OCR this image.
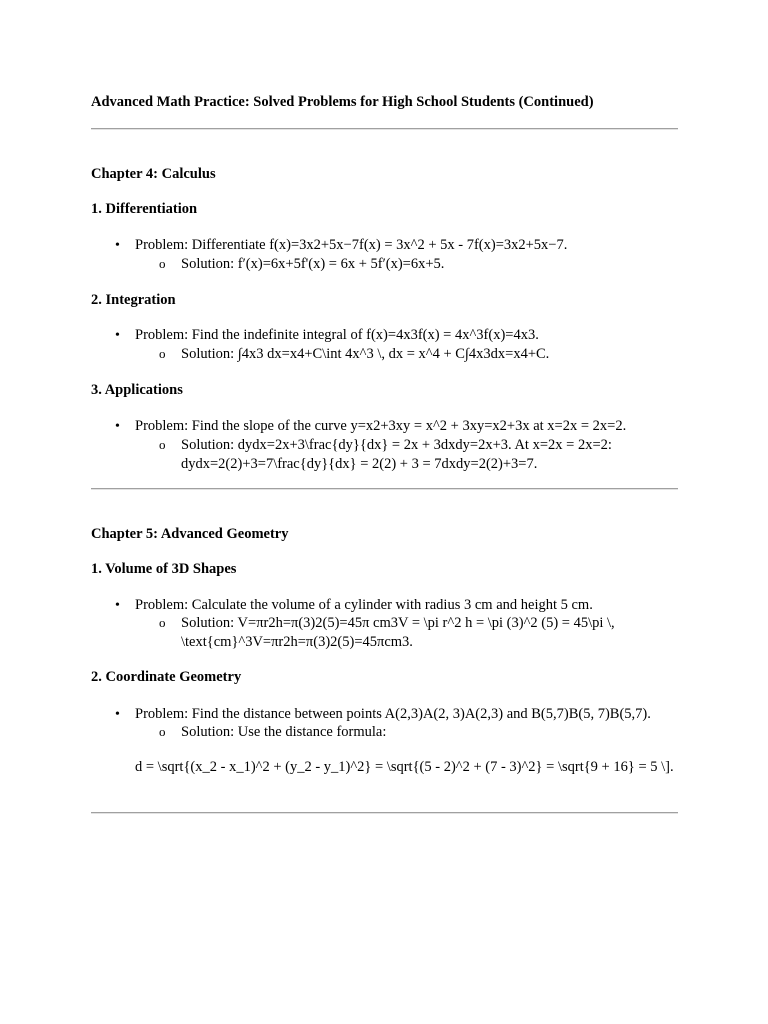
Advanced Math Practice: Solved Problems for High School Students (Continued)
Chapter 4: Calculus
1. Differentiation
• Problem: Differentiate f(x)=3x2+5x−7f(x) = 3x^2 + 5x - 7f(x)=3x2+5x−7.
o Solution: f′(x)=6x+5f'(x) = 6x + 5f′(x)=6x+5.
2. Integration
• Problem: Find the indefinite integral of f(x)=4x3f(x) = 4x^3f(x)=4x3.
o Solution: ∫4x3 dx=x4+C\int 4x^3 \, dx = x^4 + C∫4x3dx=x4+C.
3. Applications
• Problem: Find the slope of the curve y=x2+3xy = x^2 + 3xy=x2+3x at x=2x = 2x=2.
o Solution: dydx=2x+3\frac{dy}{dx} = 2x + 3dxdy=2x+3. At x=2x = 2x=2: dydx=2(2)+3=7\frac{dy}{dx} = 2(2) + 3 = 7dxdy=2(2)+3=7.
Chapter 5: Advanced Geometry
1. Volume of 3D Shapes
• Problem: Calculate the volume of a cylinder with radius 3 cm and height 5 cm.
o Solution: V=πr2h=π(3)2(5)=45π cm3V = \pi r^2 h = \pi (3)^2 (5) = 45\pi \, \text{cm}^3V=πr2h=π(3)2(5)=45πcm3.
2. Coordinate Geometry
• Problem: Find the distance between points A(2,3)A(2, 3)A(2,3) and B(5,7)B(5, 7)B(5,7).
o Solution: Use the distance formula:
d = \sqrt{(x_2 - x_1)^2 + (y_2 - y_1)^2} = \sqrt{(5 - 2)^2 + (7 - 3)^2} = \sqrt{9 + 16} = 5 \].
